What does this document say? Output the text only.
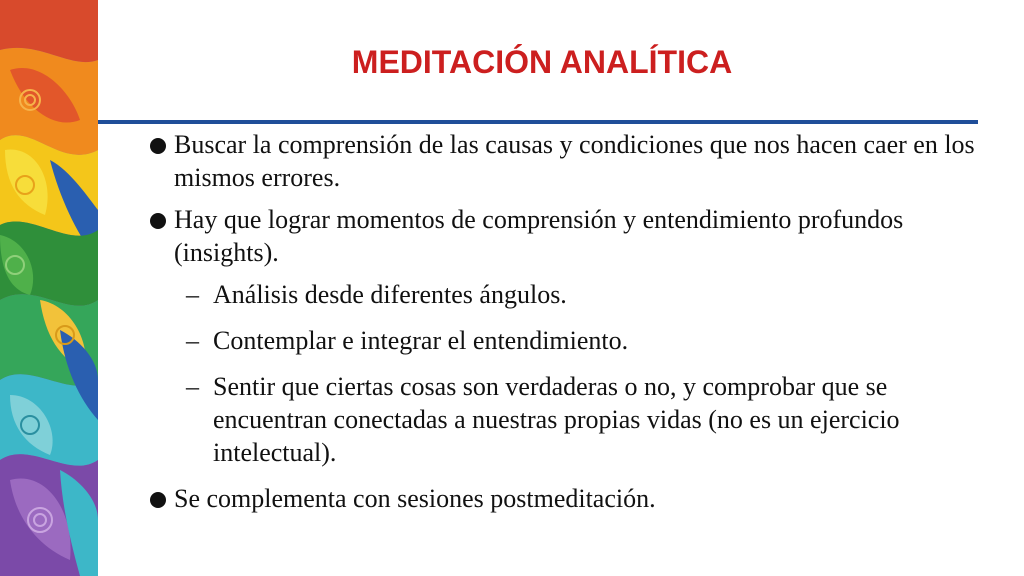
MEDITACIÓN ANALÍTICA
Buscar la comprensión de las causas y condiciones que nos hacen caer en los mismos errores.
Hay que lograr momentos de comprensión y entendimiento profundos (insights).
– Análisis desde diferentes ángulos.
– Contemplar e integrar el entendimiento.
– Sentir que ciertas cosas son verdaderas o no, y comprobar que se encuentran conectadas a nuestras propias vidas (no es un ejercicio intelectual).
Se complementa con sesiones postmeditación.
